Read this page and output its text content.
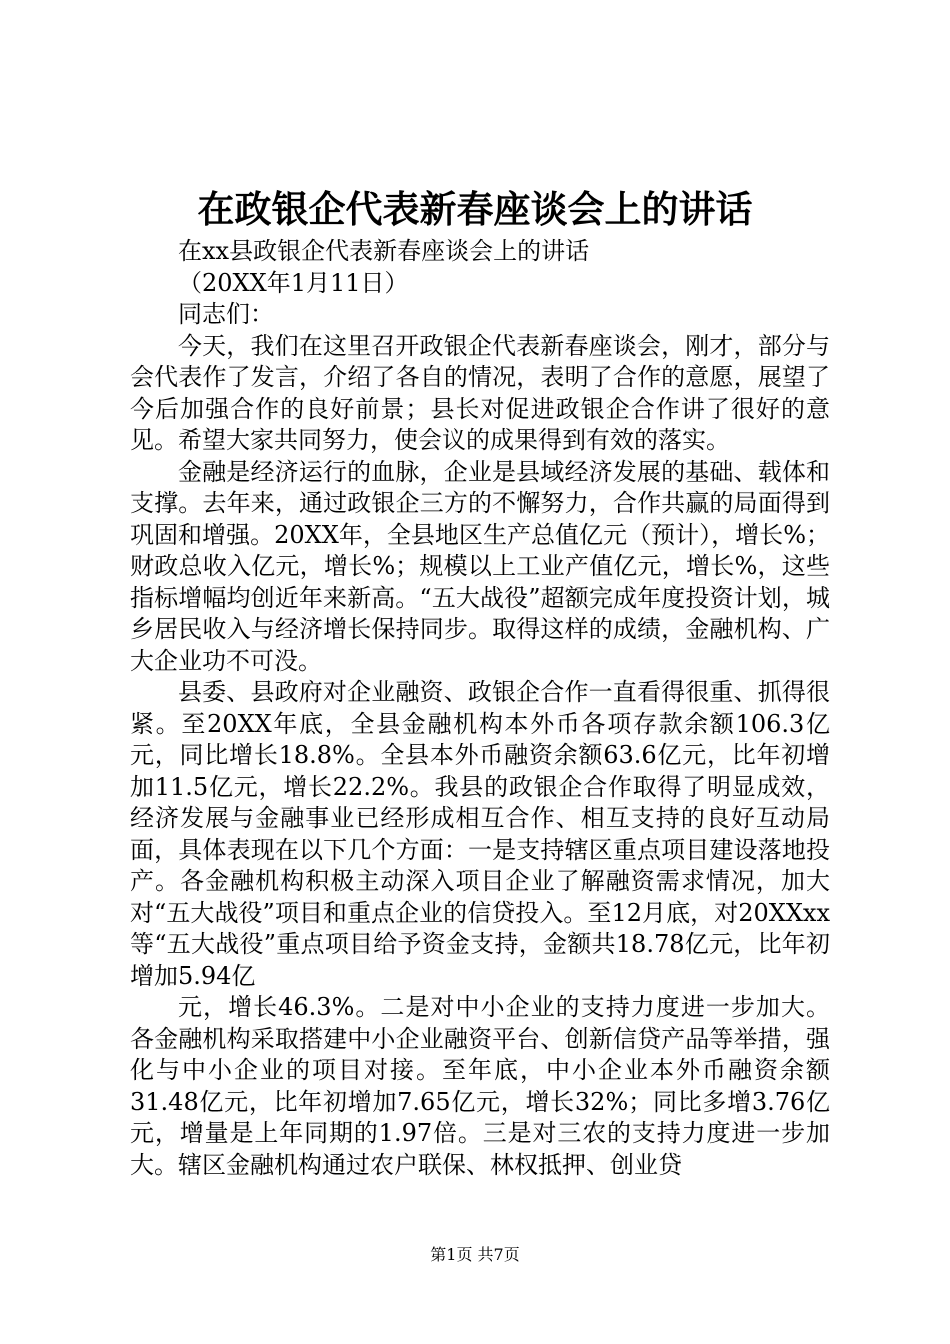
在政银企代表新春座谈会上的讲话

在xx县政银企代表新春座谈会上的讲话

（20XX年1月11日）

同志们：

今天，我们在这里召开政银企代表新春座谈会，刚才，部分与会代表作了发言，介绍了各自的情况，表明了合作的意愿，展望了今后加强合作的良好前景；县长对促进政银企合作讲了很好的意见。希望大家共同努力，使会议的成果得到有效的落实。

金融是经济运行的血脉，企业是县域经济发展的基础、载体和支撑。去年来，通过政银企三方的不懈努力，合作共赢的局面得到巩固和增强。20XX年，全县地区生产总值亿元（预计），增长%；财政总收入亿元，增长%；规模以上工业产值亿元，增长%，这些指标增幅均创近年来新高。“五大战役”超额完成年度投资计划，城乡居民收入与经济增长保持同步。取得这样的成绩，金融机构、广大企业功不可没。

县委、县政府对企业融资、政银企合作一直看得很重、抓得很紧。至20XX年底，全县金融机构本外币各项存款余额106.3亿元，同比增长18.8%。全县本外币融资余额63.6亿元，比年初增加11.5亿元，增长22.2%。我县的政银企合作取得了明显成效，经济发展与金融事业已经形成相互合作、相互支持的良好互动局面，具体表现在以下几个方面：一是支持辖区重点项目建设落地投产。各金融机构积极主动深入项目企业了解融资需求情况，加大对“五大战役”项目和重点企业的信贷投入。至12月底，对20XXxx等“五大战役”重点项目给予资金支持，金额共18.78亿元，比年初增加5.94亿

元，增长46.3%。二是对中小企业的支持力度进一步加大。各金融机构采取搭建中小企业融资平台、创新信贷产品等举措，强化与中小企业的项目对接。至年底，中小企业本外币融资余额31.48亿元，比年初增加7.65亿元，增长32%；同比多增3.76亿元，增量是上年同期的1.97倍。三是对三农的支持力度进一步加大。辖区金融机构通过农户联保、林权抵押、创业贷

第1页 共7页
